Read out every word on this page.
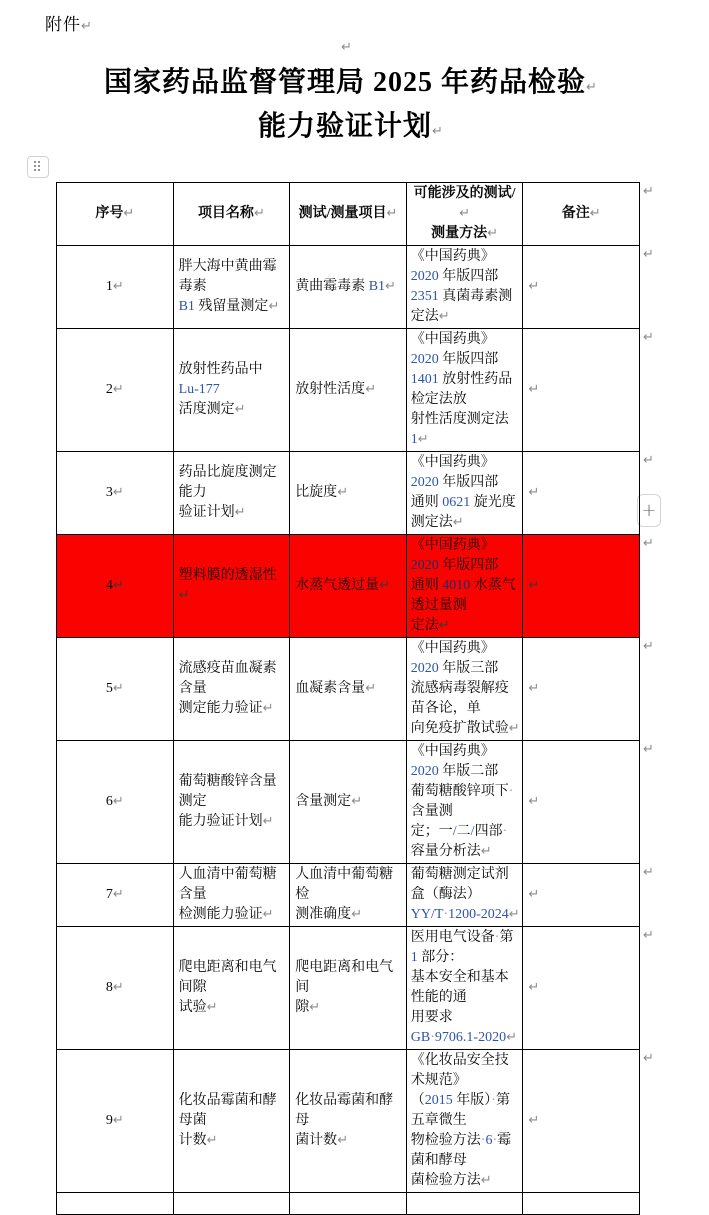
附件↵
↵
国家药品监督管理局 2025 年药品检验↵
能力验证计划↵
+
序号↵	项目名称↵	测试/测量项目↵	可能涉及的测试/↵
测量方法↵	备注↵
1↵	胖大海中黄曲霉毒素
B1 残留量测定↵	黄曲霉毒素 B1↵	《中国药典》2020 年版四部
2351 真菌毒素测定法↵	↵
2↵	放射性药品中 Lu-177
活度测定↵	放射性活度↵	《中国药典》2020 年版四部
1401 放射性药品检定法放
射性活度测定法 1↵	↵
3↵	药品比旋度测定能力
验证计划↵	比旋度↵	《中国药典》2020 年版四部
通则 0621 旋光度测定法↵	↵
4↵	塑料膜的透湿性↵	水蒸气透过量↵	《中国药典》2020 年版四部
通则 4010 水蒸气透过量测
定法↵	↵
5↵	流感疫苗血凝素含量
测定能力验证↵	血凝素含量↵	《中国药典》2020 年版三部
流感病毒裂解疫苗各论，单
向免疫扩散试验↵	↵
6↵	葡萄糖酸锌含量测定
能力验证计划↵	含量测定↵	《中国药典》2020 年版二部
葡萄糖酸锌项下·含量测
定；一/二/四部·容量分析法↵	↵
7↵	人血清中葡萄糖含量
检测能力验证↵	人血清中葡萄糖检
测准确度↵	葡萄糖测定试剂盒（酶法）
YY/T·1200-2024↵	↵
8↵	爬电距离和电气间隙
试验↵	爬电距离和电气间
隙↵	医用电气设备·第 1 部分：
基本安全和基本性能的通
用要求 GB·9706.1-2020↵	↵
9↵	化妆品霉菌和酵母菌
计数↵	化妆品霉菌和酵母
菌计数↵	《化妆品安全技术规范》
（2015 年版）·第五章微生
物检验方法·6·霉菌和酵母
菌检验方法↵	↵

↵
↵
↵
↵
↵
↵
↵
↵
↵
↵
